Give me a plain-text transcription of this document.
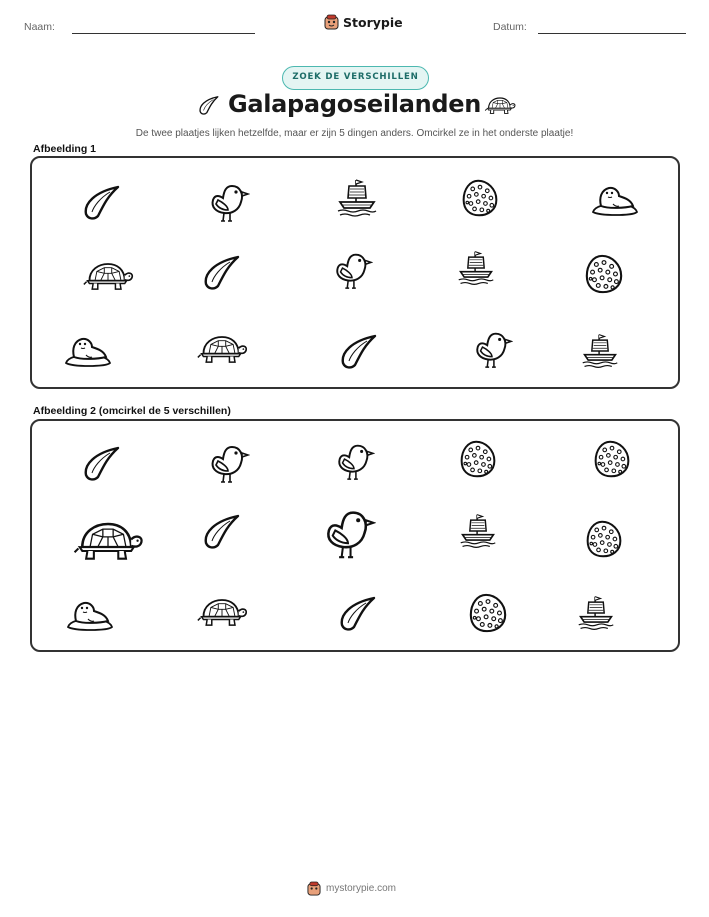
Naam:	Storypie	Datum:
ZOEK DE VERSCHILLEN
Galapagoseilanden
De twee plaatjes lijken hetzelfde, maar er zijn 5 dingen anders. Omcirkel ze in het onderste plaatje!
Afbeelding 1
Afbeelding 2 (omcirkel de 5 verschillen)
mystorypie.com
